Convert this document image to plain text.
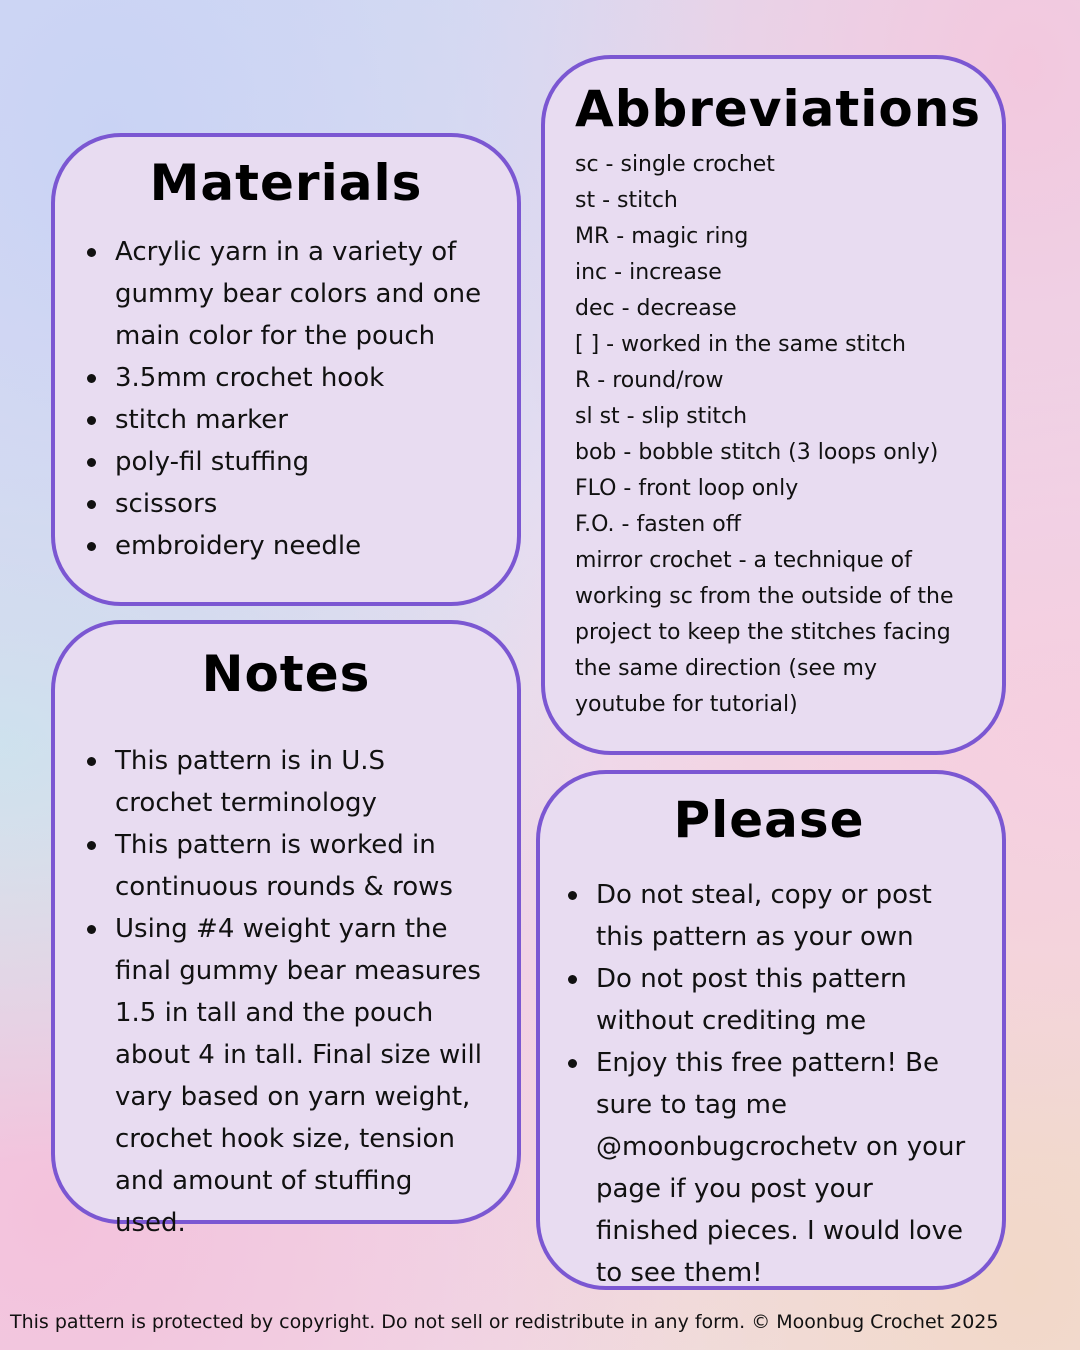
Materials
Acrylic yarn in a variety of gummy bear colors and one main color for the pouch
3.5mm crochet hook
stitch marker
poly-fil stuffing
scissors
embroidery needle
Notes
This pattern is in U.S crochet terminology
This pattern is worked in continuous rounds & rows
Using #4 weight yarn the final gummy bear measures 1.5 in tall and the pouch about 4 in tall. Final size will vary based on yarn weight, crochet hook size, tension and amount of stuffing used.
Abbreviations
sc - single crochet
st - stitch
MR - magic ring
inc - increase
dec - decrease
[ ] - worked in the same stitch
R - round/row
sl st - slip stitch
bob - bobble stitch (3 loops only)
FLO - front loop only
F.O. - fasten off
mirror crochet - a technique of
working sc from the outside of the
project to keep the stitches facing
the same direction (see my
youtube for tutorial)
Please
Do not steal, copy or post this pattern as your own
Do not post this pattern without crediting me
Enjoy this free pattern! Be sure to tag me @moonbugcrochetv on your page if you post your finished pieces. I would love to see them!
This pattern is protected by copyright. Do not sell or redistribute in any form. © Moonbug Crochet 2025
